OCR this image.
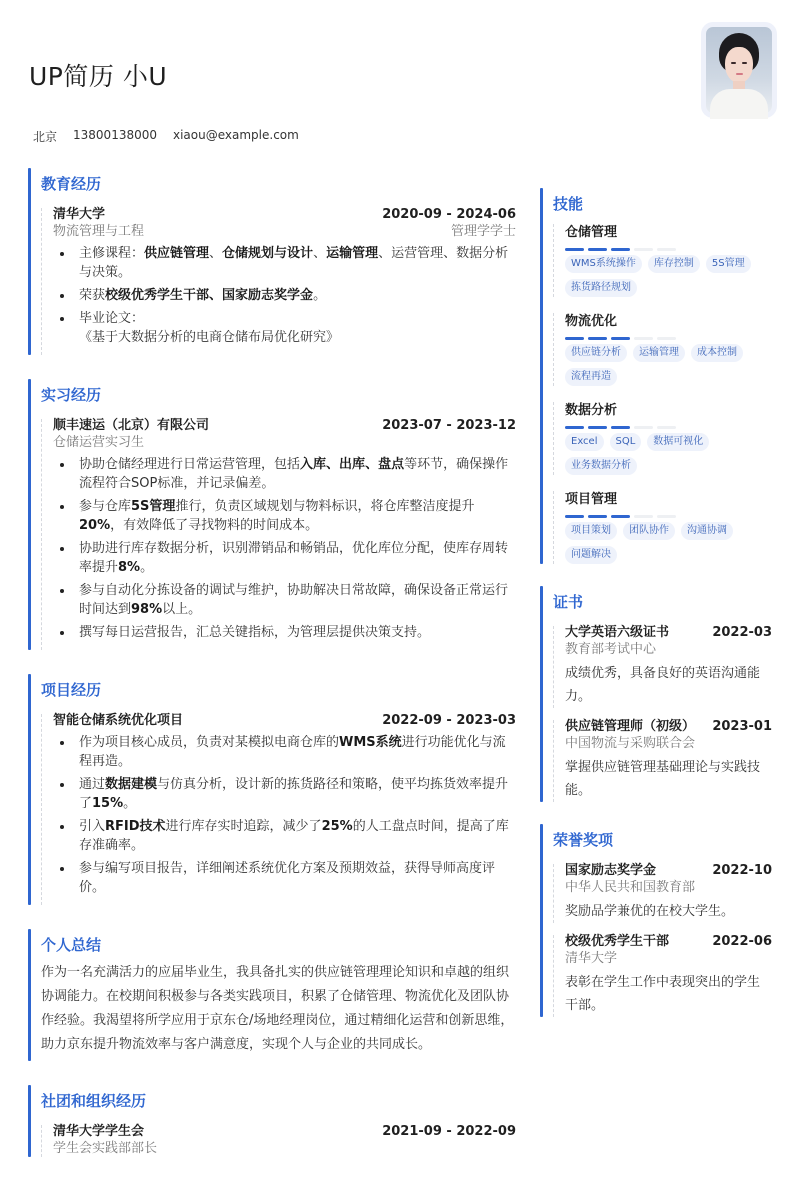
UP简历 小U
北京 13800138000 xiaou@example.com
教育经历
清华大学	2020-09 - 2024-06
物流管理与工程	管理学学士
主修课程：供应链管理、仓储规划与设计、运输管理、运营管理、数据分析与决策。
荣获校级优秀学生干部、国家励志奖学金。
毕业论文：
《基于大数据分析的电商仓储布局优化研究》
实习经历
顺丰速运（北京）有限公司	2023-07 - 2023-12
仓储运营实习生
协助仓储经理进行日常运营管理，包括入库、出库、盘点等环节，确保操作流程符合SOP标准，并记录偏差。
参与仓库5S管理推行，负责区域规划与物料标识，将仓库整洁度提升20%，有效降低了寻找物料的时间成本。
协助进行库存数据分析，识别滞销品和畅销品，优化库位分配，使库存周转率提升8%。
参与自动化分拣设备的调试与维护，协助解决日常故障，确保设备正常运行时间达到98%以上。
撰写每日运营报告，汇总关键指标，为管理层提供决策支持。
项目经历
智能仓储系统优化项目	2022-09 - 2023-03
作为项目核心成员，负责对某模拟电商仓库的WMS系统进行功能优化与流程再造。
通过数据建模与仿真分析，设计新的拣货路径和策略，使平均拣货效率提升了15%。
引入RFID技术进行库存实时追踪，减少了25%的人工盘点时间，提高了库存准确率。
参与编写项目报告，详细阐述系统优化方案及预期效益，获得导师高度评价。
个人总结
作为一名充满活力的应届毕业生，我具备扎实的供应链管理理论知识和卓越的组织协调能力。在校期间积极参与各类实践项目，积累了仓储管理、物流优化及团队协作经验。我渴望将所学应用于京东仓/场地经理岗位，通过精细化运营和创新思维，助力京东提升物流效率与客户满意度，实现个人与企业的共同成长。
社团和组织经历
清华大学学生会	2021-09 - 2022-09
学生会实践部部长
技能
仓储管理
WMS系统操作	库存控制	5S管理
拣货路径规划
物流优化
供应链分析	运输管理	成本控制
流程再造
数据分析
Excel	SQL	数据可视化
业务数据分析
项目管理
项目策划	团队协作	沟通协调
问题解决
证书
大学英语六级证书	2022-03
教育部考试中心
成绩优秀，具备良好的英语沟通能力。
供应链管理师（初级） 2023-01
中国物流与采购联合会
掌握供应链管理基础理论与实践技能。
荣誉奖项
国家励志奖学金	2022-10
中华人民共和国教育部
奖励品学兼优的在校大学生。
校级优秀学生干部	2022-06
清华大学
表彰在学生工作中表现突出的学生干部。
